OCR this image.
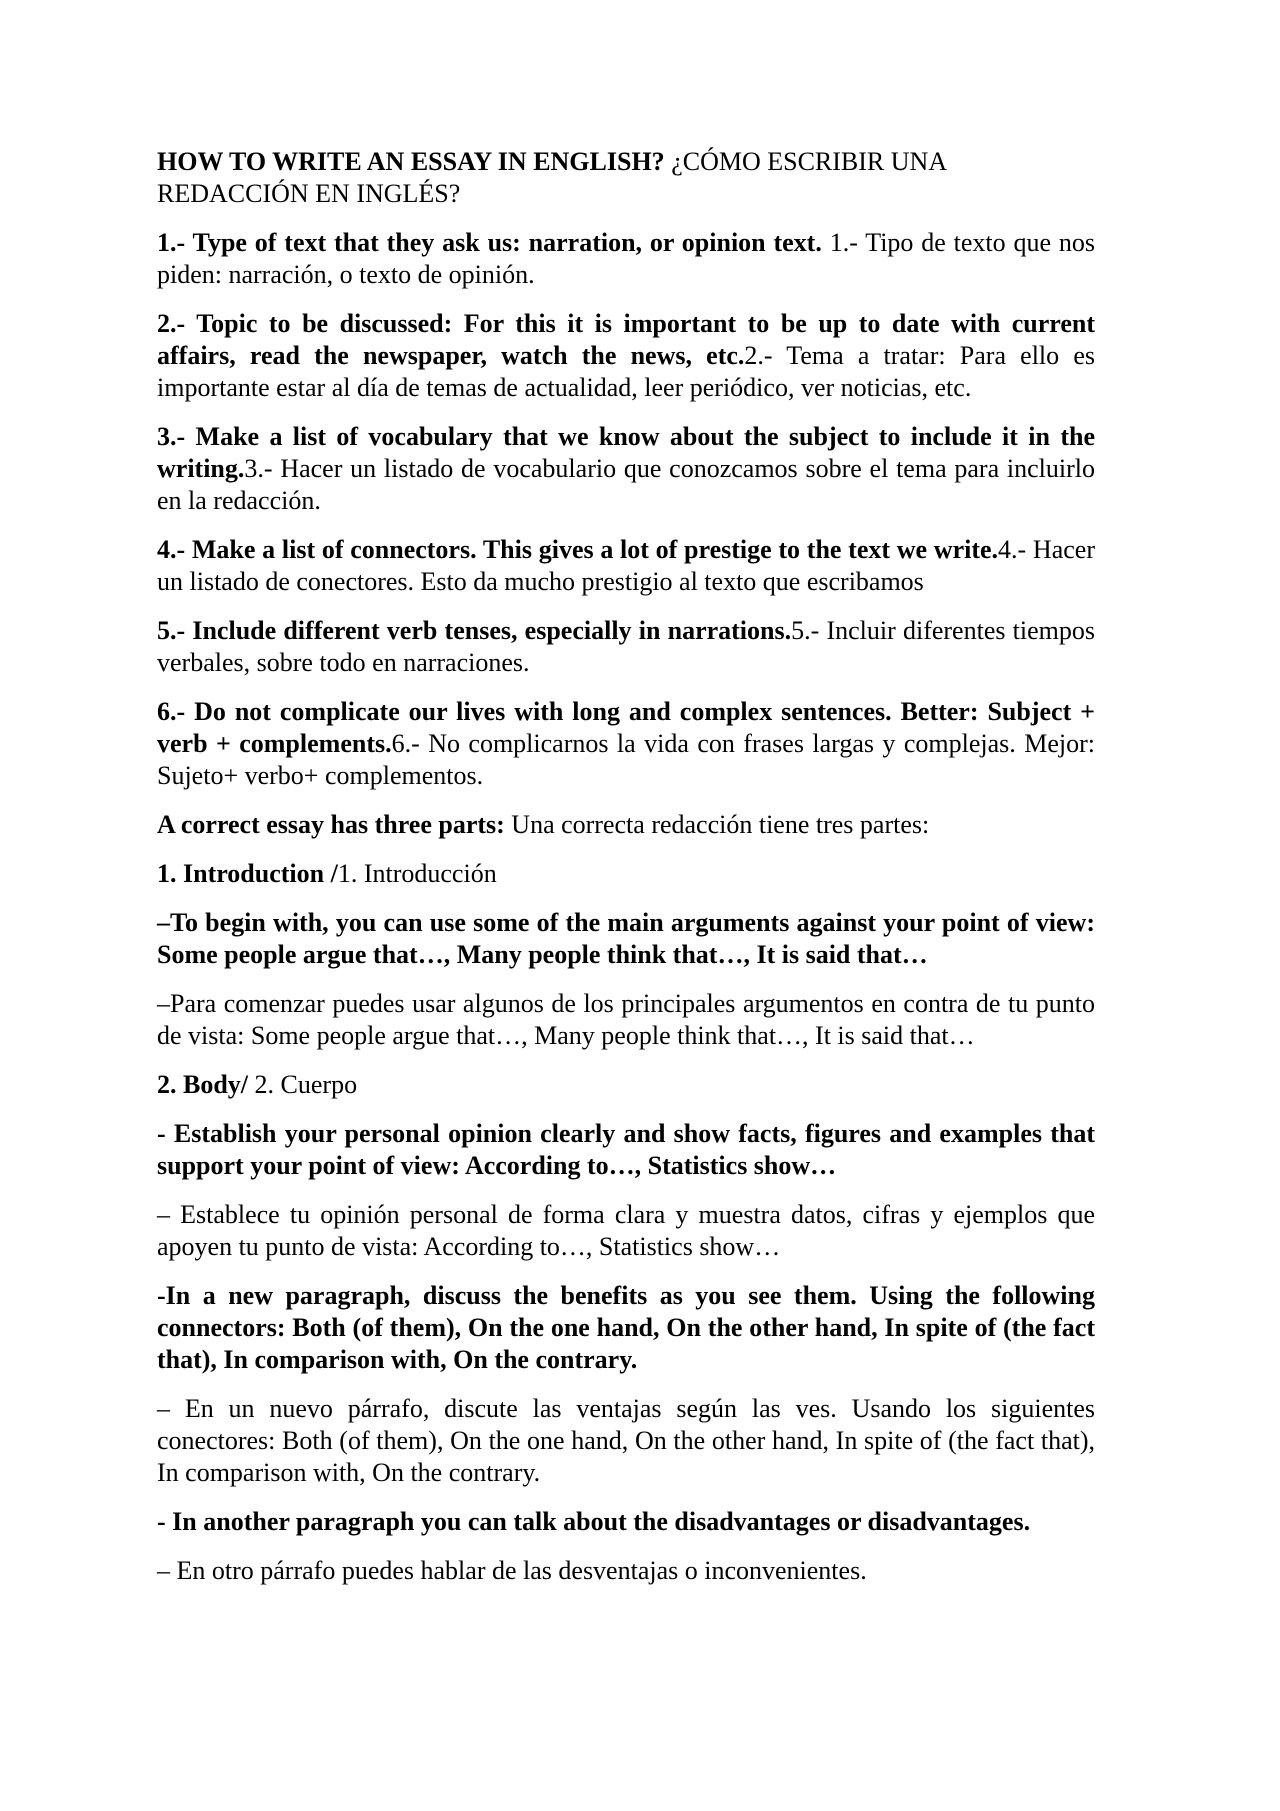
HOW TO WRITE AN ESSAY IN ENGLISH? ¿CÓMO ESCRIBIR UNA REDACCIÓN EN INGLÉS?

1.- Type of text that they ask us: narration, or opinion text. 1.- Tipo de texto que nos piden: narración, o texto de opinión.

2.- Topic to be discussed: For this it is important to be up to date with current affairs, read the newspaper, watch the news, etc.2.- Tema a tratar: Para ello es importante estar al día de temas de actualidad, leer periódico, ver noticias, etc.

3.- Make a list of vocabulary that we know about the subject to include it in the writing.3.- Hacer un listado de vocabulario que conozcamos sobre el tema para incluirlo en la redacción.

4.- Make a list of connectors. This gives a lot of prestige to the text we write.4.- Hacer un listado de conectores. Esto da mucho prestigio al texto que escribamos

5.- Include different verb tenses, especially in narrations.5.- Incluir diferentes tiempos verbales, sobre todo en narraciones.

6.- Do not complicate our lives with long and complex sentences. Better: Subject + verb + complements.6.- No complicarnos la vida con frases largas y complejas. Mejor: Sujeto+ verbo+ complementos.

A correct essay has three parts: Una correcta redacción tiene tres partes:

1. Introduction /1. Introducción

–To begin with, you can use some of the main arguments against your point of view: Some people argue that…, Many people think that…, It is said that…

–Para comenzar puedes usar algunos de los principales argumentos en contra de tu punto de vista: Some people argue that…, Many people think that…, It is said that…

2. Body/ 2. Cuerpo

- Establish your personal opinion clearly and show facts, figures and examples that support your point of view: According to…, Statistics show…

– Establece tu opinión personal de forma clara y muestra datos, cifras y ejemplos que apoyen tu punto de vista: According to…, Statistics show…

-In a new paragraph, discuss the benefits as you see them. Using the following connectors: Both (of them), On the one hand, On the other hand, In spite of (the fact that), In comparison with, On the contrary.

– En un nuevo párrafo, discute las ventajas según las ves. Usando los siguientes conectores: Both (of them), On the one hand, On the other hand, In spite of (the fact that), In comparison with, On the contrary.

- In another paragraph you can talk about the disadvantages or disadvantages.

– En otro párrafo puedes hablar de las desventajas o inconvenientes.
